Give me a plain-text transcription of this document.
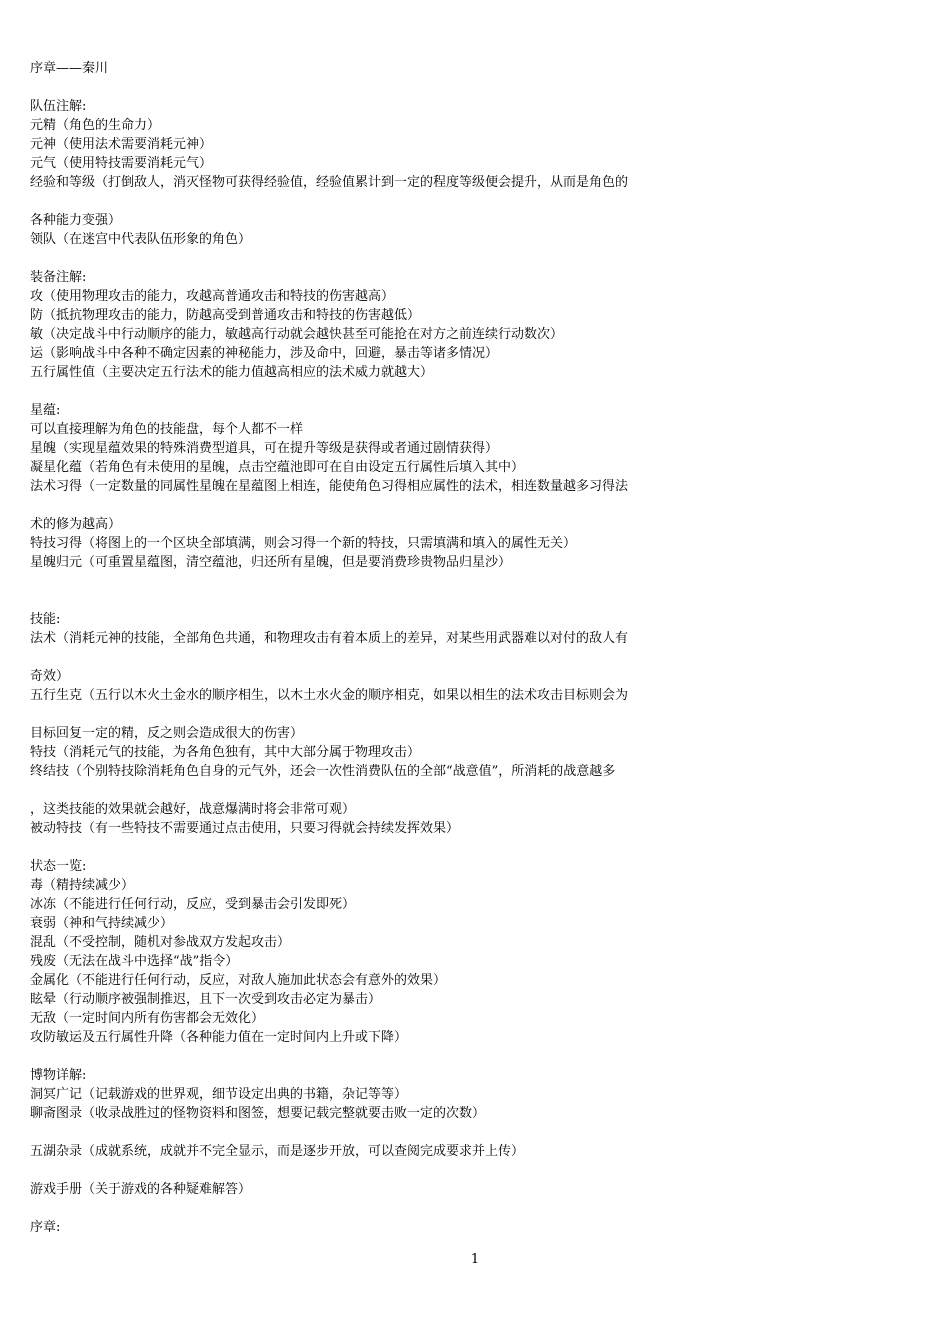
序章——秦川
队伍注解:
元精（角色的生命力）
元神（使用法术需要消耗元神）
元气（使用特技需要消耗元气）
经验和等级（打倒敌人，消灭怪物可获得经验值，经验值累计到一定的程度等级便会提升，从而是角色的
各种能力变强）
领队（在迷宫中代表队伍形象的角色）
装备注解:
攻（使用物理攻击的能力，攻越高普通攻击和特技的伤害越高）
防（抵抗物理攻击的能力，防越高受到普通攻击和特技的伤害越低）
敏（决定战斗中行动顺序的能力，敏越高行动就会越快甚至可能抢在对方之前连续行动数次）
运（影响战斗中各种不确定因素的神秘能力，涉及命中，回避，暴击等诸多情况）
五行属性值（主要决定五行法术的能力值越高相应的法术威力就越大）
星蕴:
可以直接理解为角色的技能盘，每个人都不一样
星魄（实现星蕴效果的特殊消费型道具，可在提升等级是获得或者通过剧情获得）
凝星化蕴（若角色有未使用的星魄，点击空蕴池即可在自由设定五行属性后填入其中）
法术习得（一定数量的同属性星魄在星蕴图上相连，能使角色习得相应属性的法术，相连数量越多习得法
术的修为越高）
特技习得（将图上的一个区块全部填满，则会习得一个新的特技，只需填满和填入的属性无关）
星魄归元（可重置星蕴图，清空蕴池，归还所有星魄，但是要消费珍贵物品归星沙）
技能:
法术（消耗元神的技能，全部角色共通，和物理攻击有着本质上的差异，对某些用武器难以对付的敌人有
奇效）
五行生克（五行以木火土金水的顺序相生，以木土水火金的顺序相克，如果以相生的法术攻击目标则会为
目标回复一定的精，反之则会造成很大的伤害）
特技（消耗元气的技能，为各角色独有，其中大部分属于物理攻击）
终结技（个别特技除消耗角色自身的元气外，还会一次性消费队伍的全部“战意值”，所消耗的战意越多
，这类技能的效果就会越好，战意爆满时将会非常可观）
被动特技（有一些特技不需要通过点击使用，只要习得就会持续发挥效果）
状态一览:
毒（精持续减少）
冰冻（不能进行任何行动，反应，受到暴击会引发即死）
衰弱（神和气持续减少）
混乱（不受控制，随机对参战双方发起攻击）
残废（无法在战斗中选择“战”指令）
金属化（不能进行任何行动，反应，对敌人施加此状态会有意外的效果）
眩晕（行动顺序被强制推迟，且下一次受到攻击必定为暴击）
无敌（一定时间内所有伤害都会无效化）
攻防敏运及五行属性升降（各种能力值在一定时间内上升或下降）
博物详解:
洞冥广记（记载游戏的世界观，细节设定出典的书籍，杂记等等）
聊斋图录（收录战胜过的怪物资料和图签，想要记载完整就要击败一定的次数）
五湖杂录（成就系统，成就并不完全显示，而是逐步开放，可以查阅完成要求并上传）
游戏手册（关于游戏的各种疑难解答）
序章:
1
